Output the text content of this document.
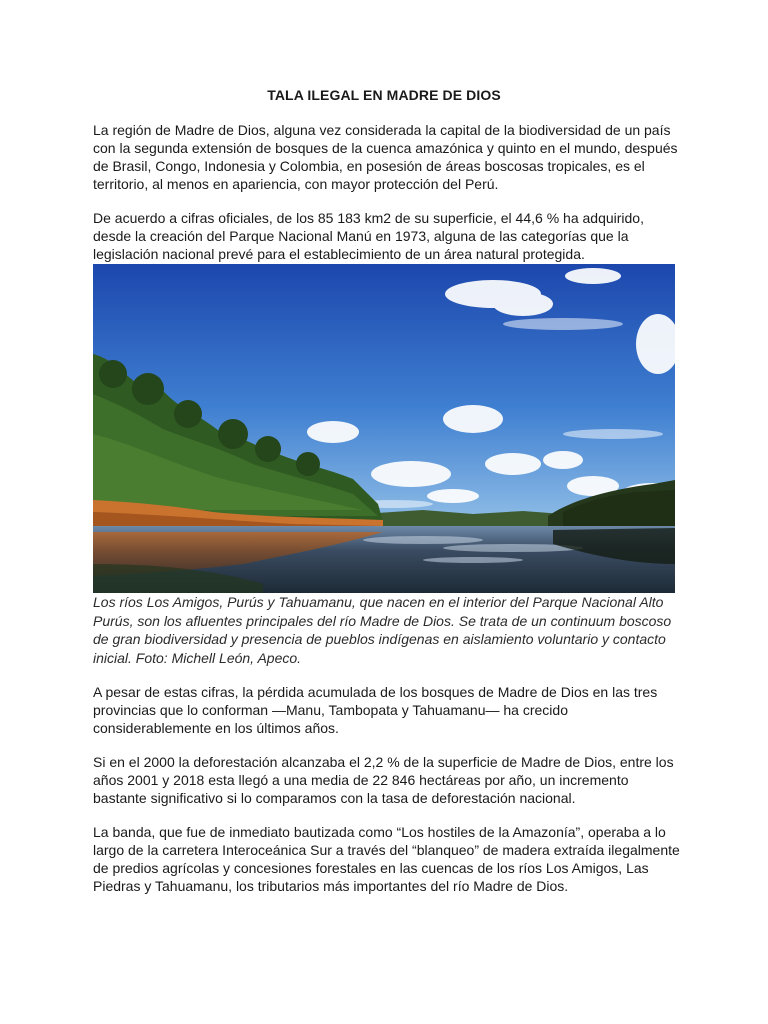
TALA ILEGAL EN MADRE DE DIOS

La región de Madre de Dios, alguna vez considerada la capital de la biodiversidad de un país con la segunda extensión de bosques de la cuenca amazónica y quinto en el mundo, después de Brasil, Congo, Indonesia y Colombia, en posesión de áreas boscosas tropicales, es el territorio, al menos en apariencia, con mayor protección del Perú.

De acuerdo a cifras oficiales, de los 85 183 km2 de su superficie, el 44,6 % ha adquirido, desde la creación del Parque Nacional Manú en 1973, alguna de las categorías que la legislación nacional prevé para el establecimiento de un área natural protegida.

Los ríos Los Amigos, Purús y Tahuamanu, que nacen en el interior del Parque Nacional Alto Purús, son los afluentes principales del río Madre de Dios. Se trata de un continuum boscoso de gran biodiversidad y presencia de pueblos indígenas en aislamiento voluntario y contacto inicial. Foto: Michell León, Apeco.

A pesar de estas cifras, la pérdida acumulada de los bosques de Madre de Dios en las tres provincias que lo conforman —Manu, Tambopata y Tahuamanu— ha crecido considerablemente en los últimos años.

Si en el 2000 la deforestación alcanzaba el 2,2 % de la superficie de Madre de Dios, entre los años 2001 y 2018 esta llegó a una media de 22 846 hectáreas por año, un incremento bastante significativo si lo comparamos con la tasa de deforestación nacional.

La banda, que fue de inmediato bautizada como “Los hostiles de la Amazonía”, operaba a lo largo de la carretera Interoceánica Sur a través del “blanqueo” de madera extraída ilegalmente de predios agrícolas y concesiones forestales en las cuencas de los ríos Los Amigos, Las Piedras y Tahuamanu, los tributarios más importantes del río Madre de Dios.
